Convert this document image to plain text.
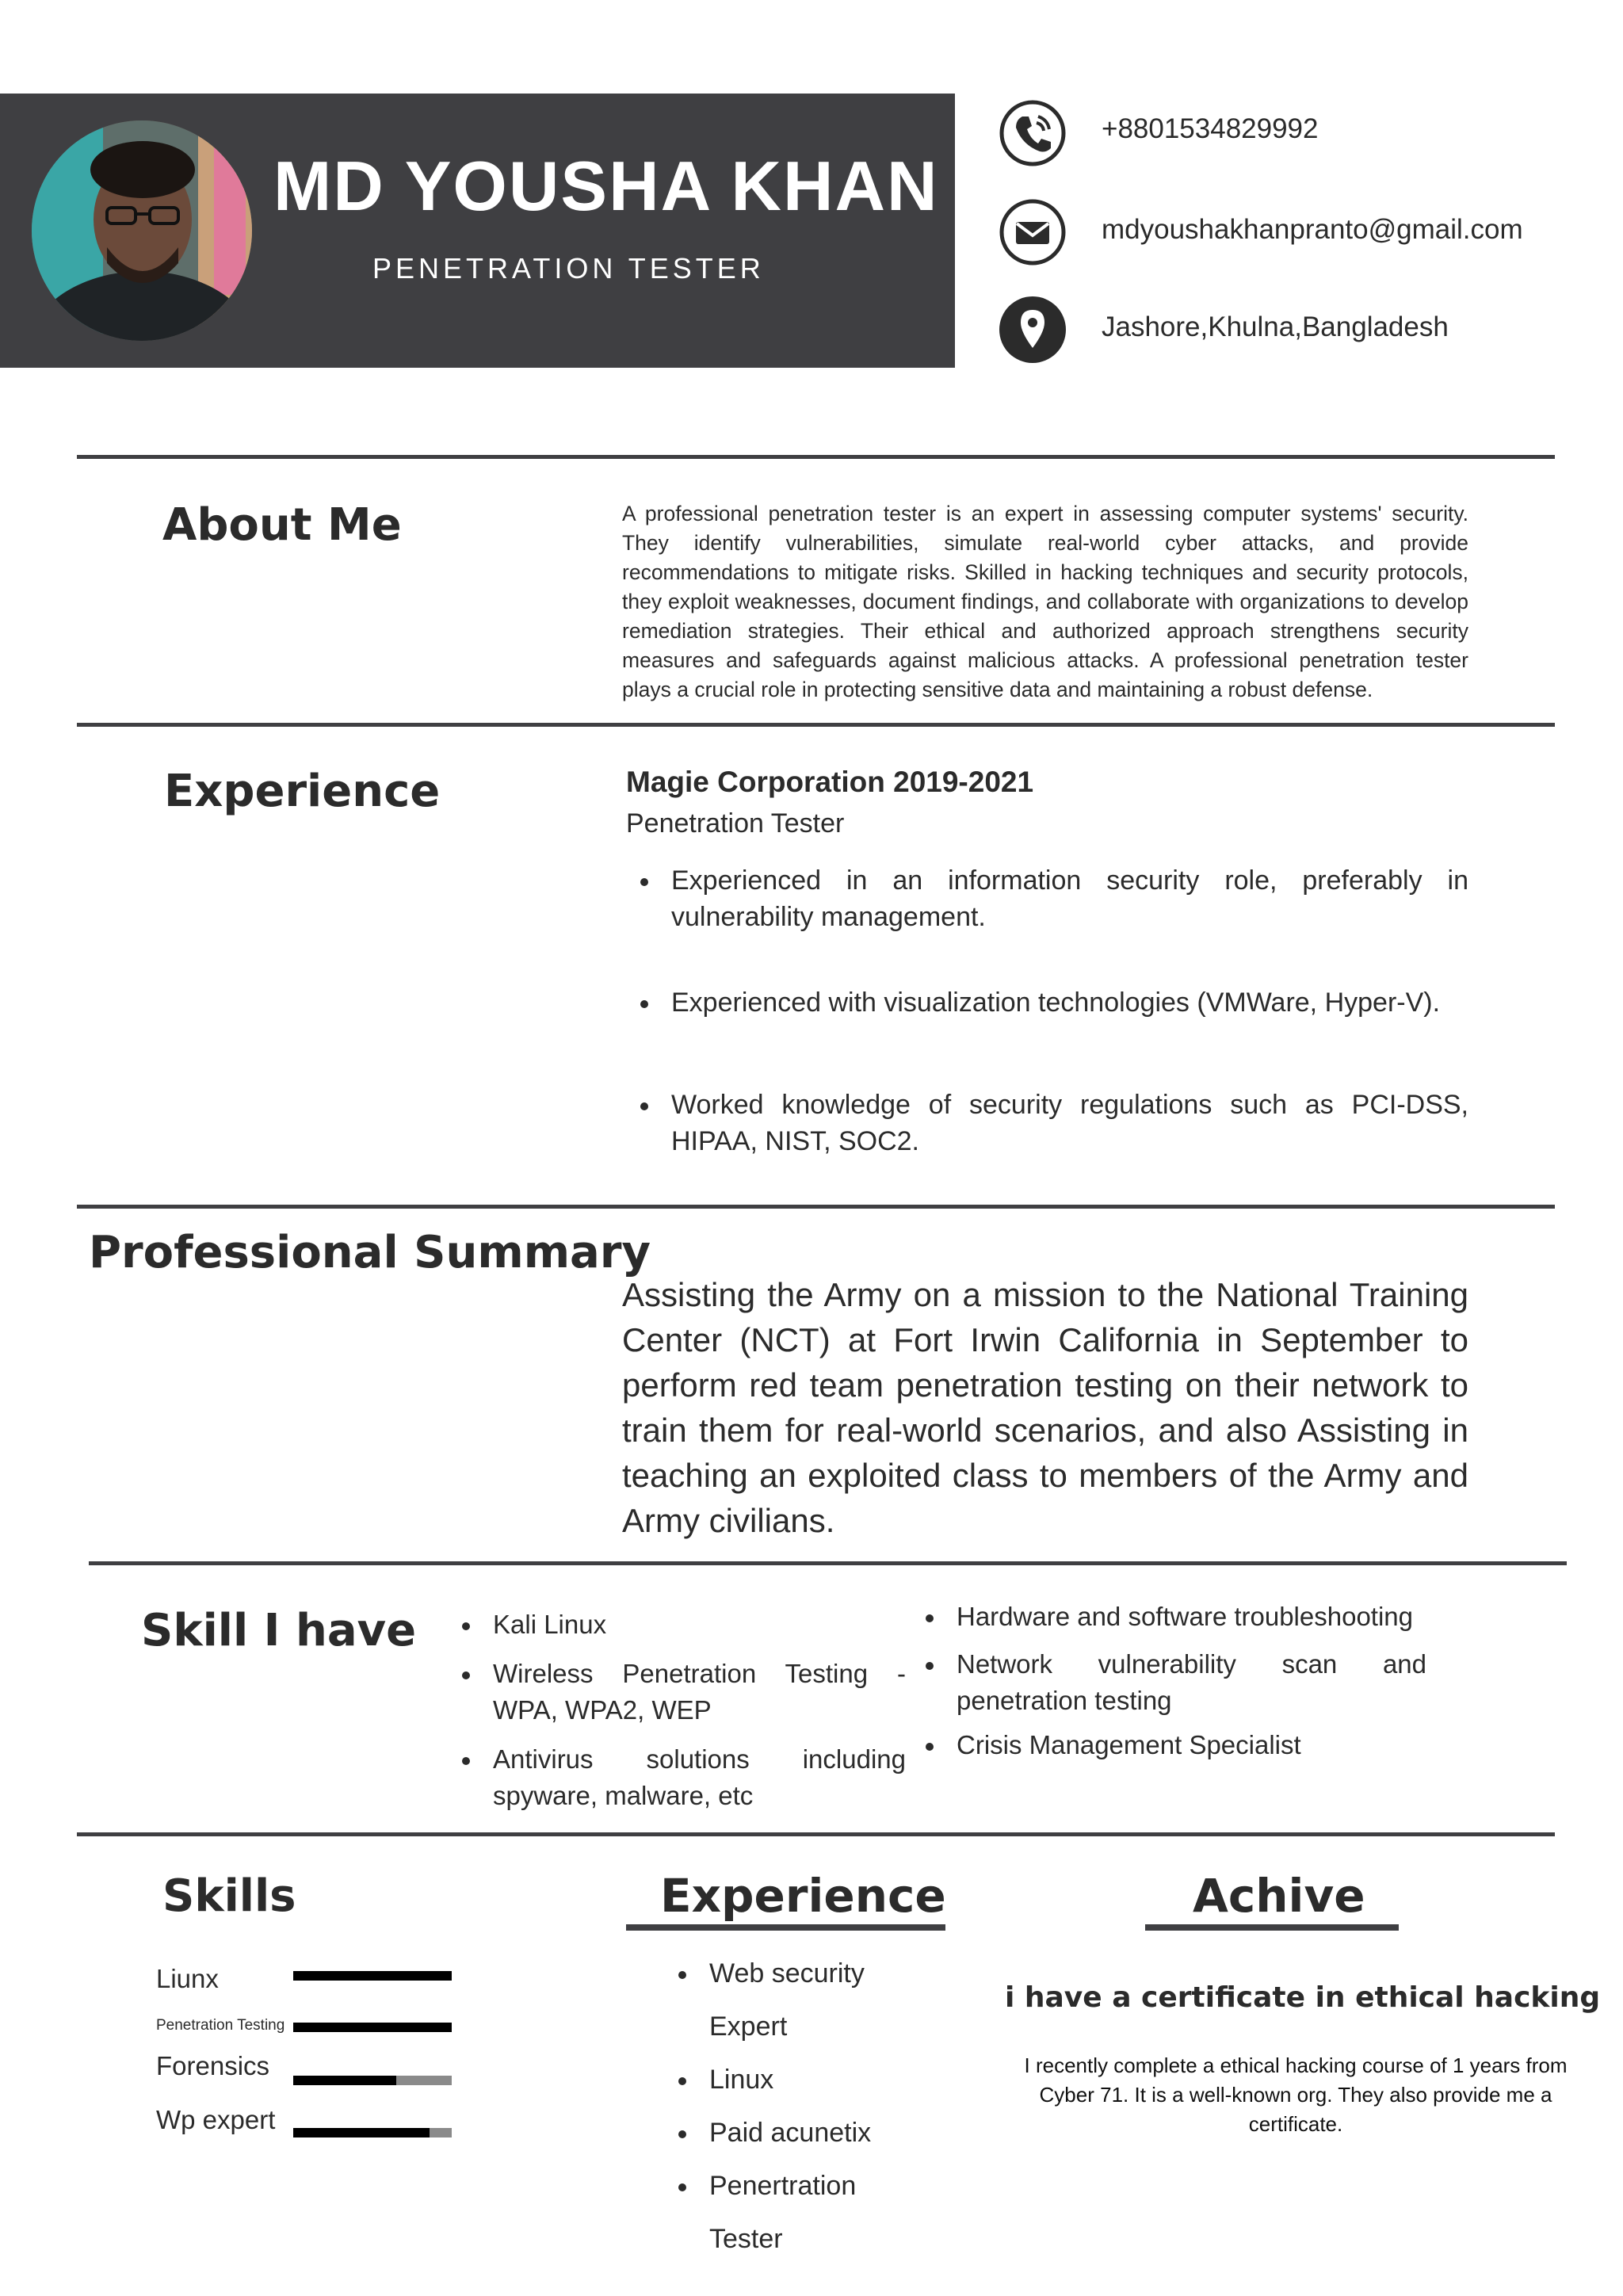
MD YOUSHA KHAN
PENETRATION TESTER
+8801534829992
mdyoushakhanpranto@gmail.com
Jashore,Khulna,Bangladesh
About Me	A professional penetration tester is an expert in assessing computer systems' security. They identify vulnerabilities, simulate real-world cyber attacks, and provide recommendations to mitigate risks. Skilled in hacking techniques and security protocols, they exploit weaknesses, document findings, and collaborate with organizations to develop remediation strategies. Their ethical and authorized approach strengthens security measures and safeguards against malicious attacks. A professional penetration tester plays a crucial role in protecting sensitive data and maintaining a robust defense.
Experience	Magie Corporation 2019-2021
Penetration Tester
Experienced in an information security role, preferably in vulnerability management.
Experienced with visualization technologies (VMWare, Hyper-V).
Worked knowledge of security regulations such as PCI-DSS, HIPAA, NIST, SOC2.
Professional Summary
Assisting the Army on a mission to the National Training Center (NCT) at Fort Irwin California in September to perform red team penetration testing on their network to train them for real-world scenarios, and also Assisting in teaching an exploited class to members of the Army and Army civilians.
Skill I have	Kali Linux
Wireless Penetration Testing - WPA, WPA2, WEP
Antivirus solutions including spyware, malware, etc
Hardware and software troubleshooting
Network vulnerability scan and penetration testing
Crisis Management Specialist
Skills
Liunx
Penetration Testing
Forensics
Wp expert
Experience
Web security
Expert
Linux
Paid acunetix
Penertration
Tester
Achive
i have a certificate in ethical hacking
I recently complete a ethical hacking course of 1 years from Cyber 71. It is a well-known org. They also provide me a certificate.
